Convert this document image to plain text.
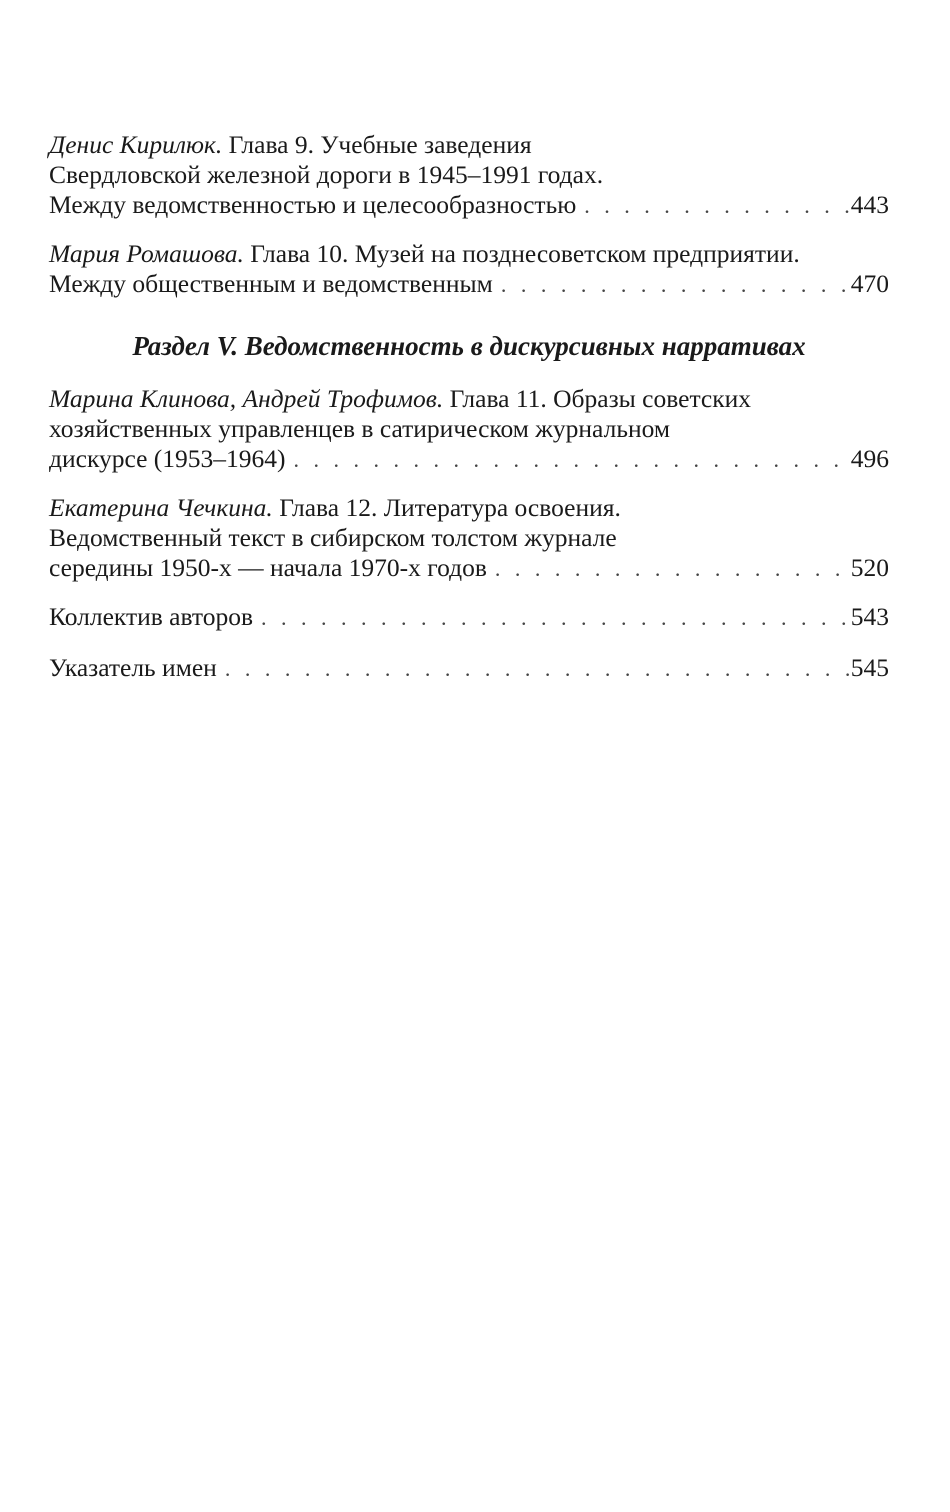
Денис Кирилюк. Глава 9. Учебные заведения
Свердловской железной дороги в 1945–1991 годах.
Между ведомственностью и целесообразностью . . .	443
Мария Ромашова. Глава 10. Музей на позднесоветском предприятии.
Между общественным и ведомственным . . .	470
Раздел V. Ведомственность в дискурсивных нарративах
Марина Клинова, Андрей Трофимов. Глава 11. Образы советских
хозяйственных управленцев в сатирическом журнальном
дискурсе (1953–1964) . . .	496
Екатерина Чечкина. Глава 12. Литература освоения.
Ведомственный текст в сибирском толстом журнале
середины 1950-х — начала 1970-х годов . . .	520
Коллектив авторов . . .	543
Указатель имен . . .	545
